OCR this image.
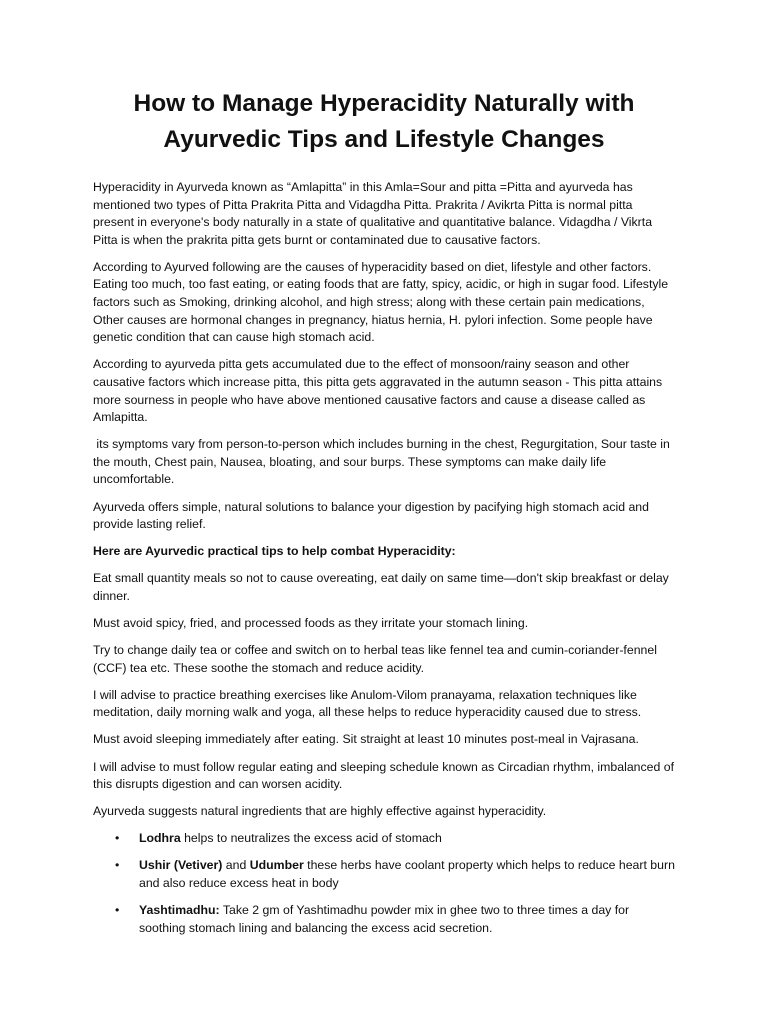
How to Manage Hyperacidity Naturally with Ayurvedic Tips and Lifestyle Changes

Hyperacidity in Ayurveda known as “Amlapitta” in this Amla=Sour and pitta =Pitta and ayurveda has mentioned two types of Pitta Prakrita Pitta and Vidagdha Pitta. Prakrita / Avikrta Pitta is normal pitta present in everyone's body naturally in a state of qualitative and quantitative balance. Vidagdha / Vikrta Pitta is when the prakrita pitta gets burnt or contaminated due to causative factors.

According to Ayurved following are the causes of hyperacidity based on diet, lifestyle and other factors. Eating too much, too fast eating, or eating foods that are fatty, spicy, acidic, or high in sugar food. Lifestyle factors such as Smoking, drinking alcohol, and high stress; along with these certain pain medications, Other causes are hormonal changes in pregnancy, hiatus hernia, H. pylori infection. Some people have genetic condition that can cause high stomach acid.

According to ayurveda pitta gets accumulated due to the effect of monsoon/rainy season and other causative factors which increase pitta, this pitta gets aggravated in the autumn season - This pitta attains more sourness in people who have above mentioned causative factors and cause a disease called as Amlapitta.

its symptoms vary from person-to-person which includes burning in the chest, Regurgitation, Sour taste in the mouth, Chest pain, Nausea, bloating, and sour burps. These symptoms can make daily life uncomfortable.

Ayurveda offers simple, natural solutions to balance your digestion by pacifying high stomach acid and provide lasting relief.

Here are Ayurvedic practical tips to help combat Hyperacidity:

Eat small quantity meals so not to cause overeating, eat daily on same time—don't skip breakfast or delay dinner.

Must avoid spicy, fried, and processed foods as they irritate your stomach lining.

Try to change daily tea or coffee and switch on to herbal teas like fennel tea and cumin-coriander-fennel (CCF) tea etc. These soothe the stomach and reduce acidity.

I will advise to practice breathing exercises like Anulom-Vilom pranayama, relaxation techniques like meditation, daily morning walk and yoga, all these helps to reduce hyperacidity caused due to stress.

Must avoid sleeping immediately after eating. Sit straight at least 10 minutes post-meal in Vajrasana.

I will advise to must follow regular eating and sleeping schedule known as Circadian rhythm, imbalanced of this disrupts digestion and can worsen acidity.

Ayurveda suggests natural ingredients that are highly effective against hyperacidity.

• Lodhra helps to neutralizes the excess acid of stomach
• Ushir (Vetiver) and Udumber these herbs have coolant property which helps to reduce heart burn and also reduce excess heat in body
• Yashtimadhu: Take 2 gm of Yashtimadhu powder mix in ghee two to three times a day for soothing stomach lining and balancing the excess acid secretion.
